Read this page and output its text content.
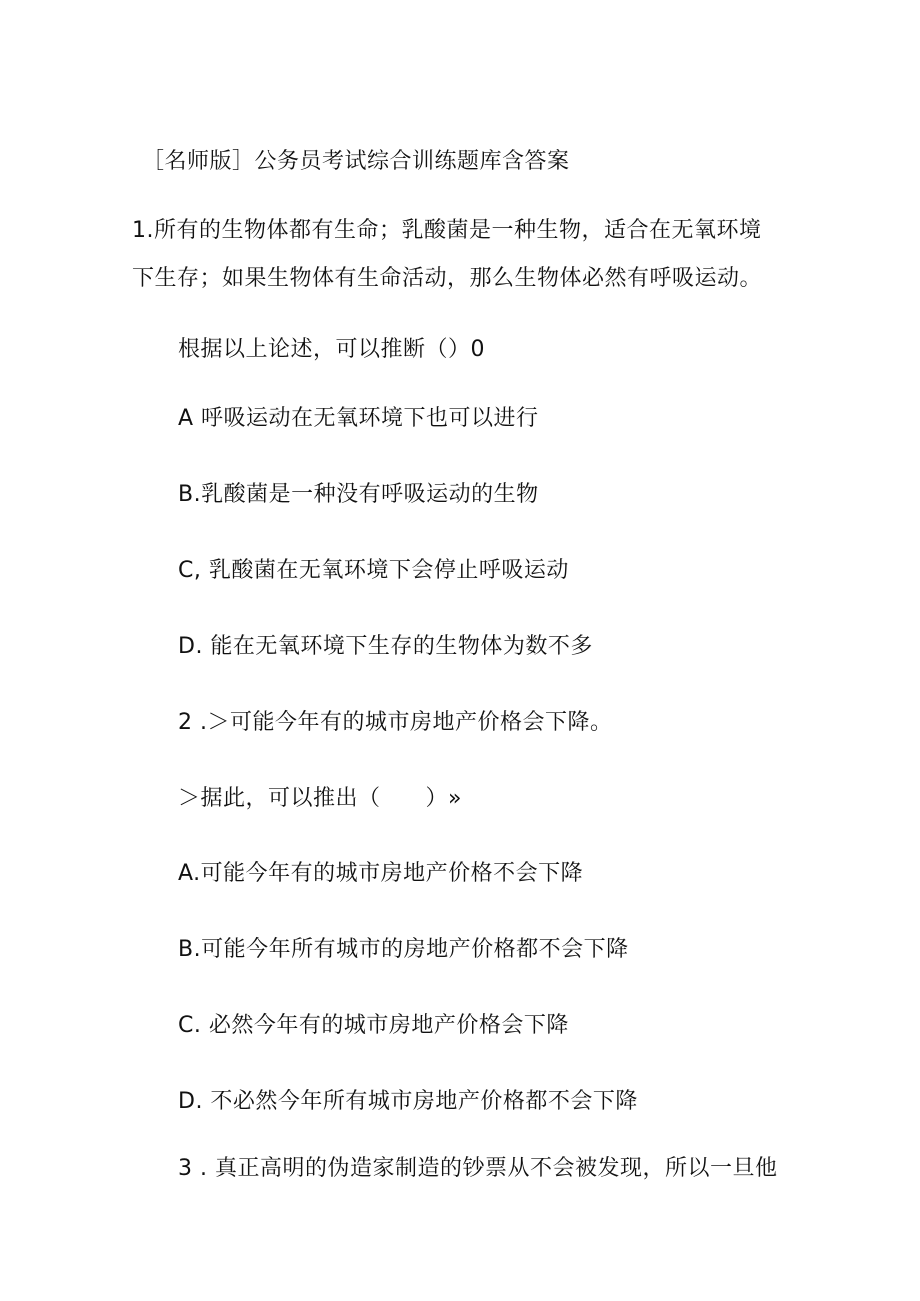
［名师版］公务员考试综合训练题库含答案
1.所有的生物体都有生命；乳酸菌是一种生物，适合在无氧环境
下生存；如果生物体有生命活动，那么生物体必然有呼吸运动。
根据以上论述，可以推断（）0
A 呼吸运动在无氧环境下也可以进行
B.乳酸菌是一种没有呼吸运动的生物
C, 乳酸菌在无氧环境下会停止呼吸运动
D. 能在无氧环境下生存的生物体为数不多
2 .＞可能今年有的城市房地产价格会下降。
＞据此，可以推出（　　）»
A.可能今年有的城市房地产价格不会下降
B.可能今年所有城市的房地产价格都不会下降
C. 必然今年有的城市房地产价格会下降
D. 不必然今年所有城市房地产价格都不会下降
3 . 真正高明的伪造家制造的钞票从不会被发现，所以一旦他
